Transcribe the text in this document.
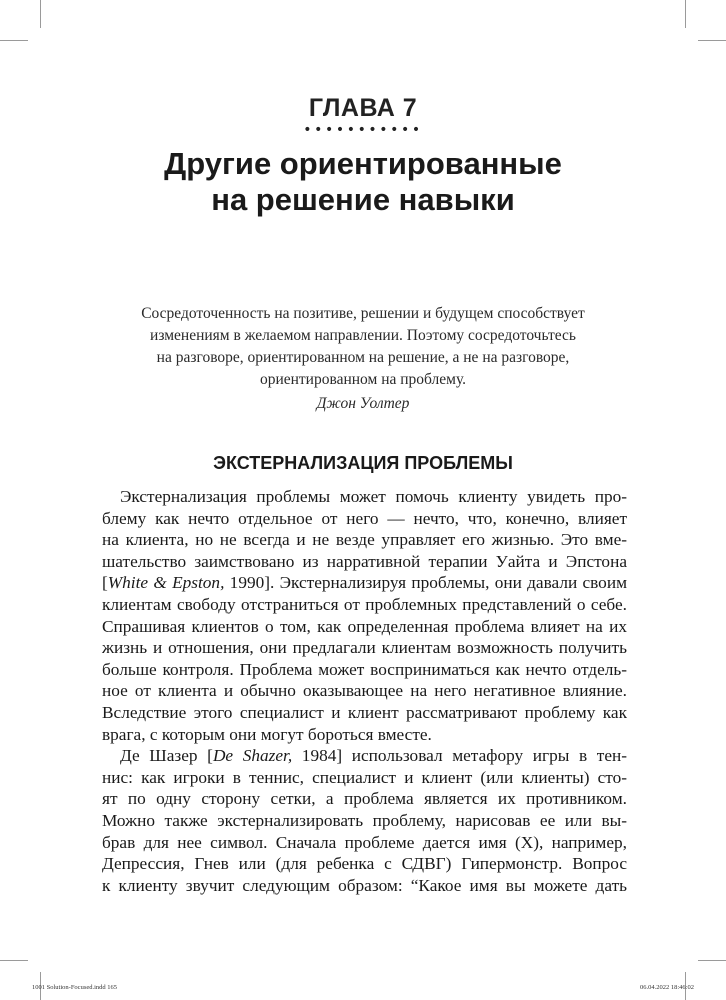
ГЛАВА 7
•••••••••••
Другие ориентированные
на решение навыки
Сосредоточенность на позитиве, решении и будущем способствует
изменениям в желаемом направлении. Поэтому сосредоточьтесь
на разговоре, ориентированном на решение, а не на разговоре,
ориентированном на проблему.
Джон Уолтер
ЭКСТЕРНАЛИЗАЦИЯ ПРОБЛЕМЫ
Экстернализация проблемы может помочь клиенту увидеть про-
блему как нечто отдельное от него — нечто, что, конечно, влияет
на клиента, но не всегда и не везде управляет его жизнью. Это вме-
шательство заимствовано из нарративной терапии Уайта и Эпстона
[White & Epston, 1990]. Экстернализируя проблемы, они давали своим
клиентам свободу отстраниться от проблемных представлений о себе.
Спрашивая клиентов о том, как определенная проблема влияет на их
жизнь и отношения, они предлагали клиентам возможность получить
больше контроля. Проблема может восприниматься как нечто отдель-
ное от клиента и обычно оказывающее на него негативное влияние.
Вследствие этого специалист и клиент рассматривают проблему как
врага, с которым они могут бороться вместе.
Де Шазер [De Shazer, 1984] использовал метафору игры в тен-
нис: как игроки в теннис, специалист и клиент (или клиенты) сто-
ят по одну сторону сетки, а проблема является их противником.
Можно также экстернализировать проблему, нарисовав ее или вы-
брав для нее символ. Сначала проблеме дается имя (Х), например,
Депрессия, Гнев или (для ребенка с СДВГ) Гипермонстр. Вопрос
к клиенту звучит следующим образом: “Какое имя вы можете дать
1001 Solution-Focused.indd 165	06.04.2022 18:46:02
